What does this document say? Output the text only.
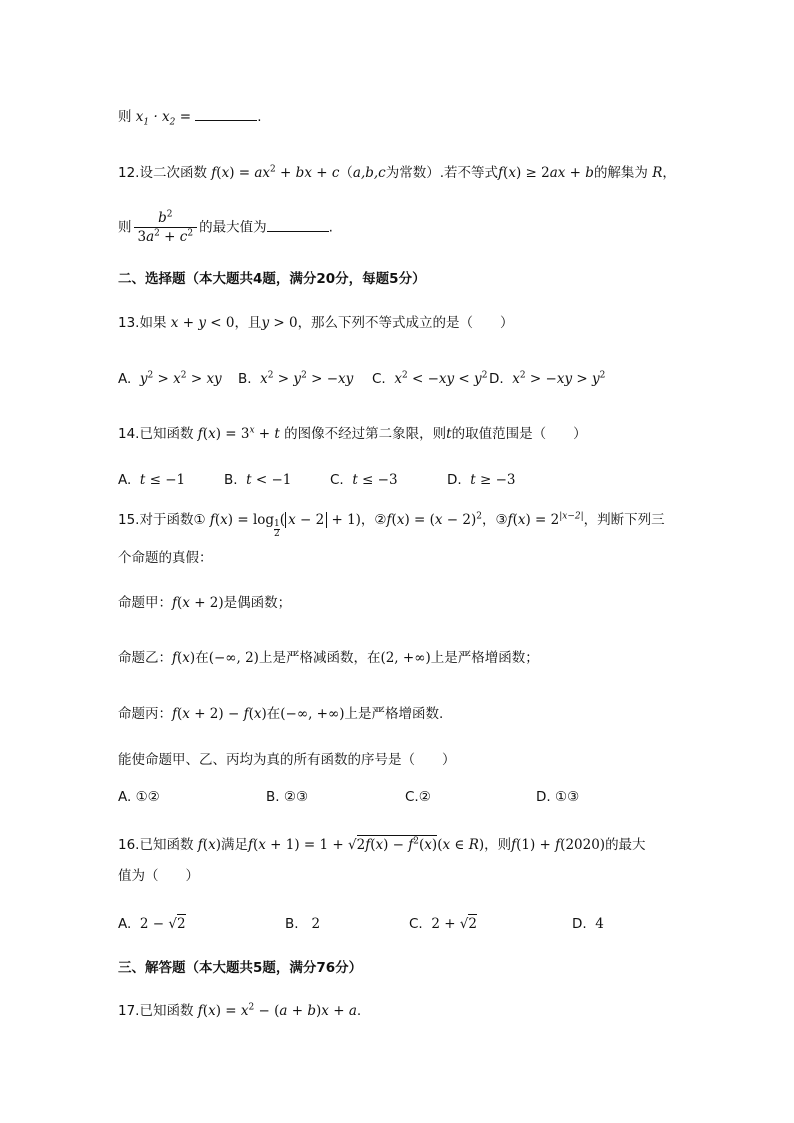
则 $x_1 \cdot x_2$ =	.
12.设二次函数 $f(x) = ax^2$ + bx + c（a,b,c为常数）.若不等式f(x) ≥ 2ax + b的解集为 R，
则 $\frac{b^2}{3a^2 + c^2}$ 的最大值为	.
二、选择题（本大题共4题，满分20分，每题5分）
13.如果 x + y < 0，且y > 0，那么下列不等式成立的是（　　）
A. $y^2 > x^2$ > xy B. $x^2 > y^2 > -xy$ C. $x^2 < -xy < y^2$ D. $x^2 > -xy > y^2$
14.已知函数 $f(x) = 3^x + t$ 的图像不经过第二象限，则t的取值范围是（　　）
A. t ≤ −1	B. t < −1	C. t ≤ −3	D. t ≥ −3
15.对于函数① $f(x) = \log \frac{1}{2}$ ( x − 2 + 1)，②f(x) = $(x - 2)^2$，③f(x) = $2^{|x-2|}$，判断下列三
个命题的真假：
命题甲：f(x + 2)是偶函数；
命题乙：f(x)在(−∞, 2)上是严格减函数，在(2, +∞)上是严格增函数；
命题丙：f(x + 2) − f(x)在(−∞, +∞)上是严格增函数.
能使命题甲、乙、丙均为真的所有函数的序号是（　　）
A. ①②	B. ②③	C.②	D. ①③
16.已知函数 f(x)满足$f(x + 1) = 1 + √2f(x) - f^2(x)(x$ ∈ R)，则f(1) + f(2020)的最大
值为（　　）
A. 2 − √2	B. 2	C. 2 + √2	D. 4
三、解答题（本大题共5题，满分76分）
17.已知函数 $f(x) = x^2 - (a + b)x + a$.
